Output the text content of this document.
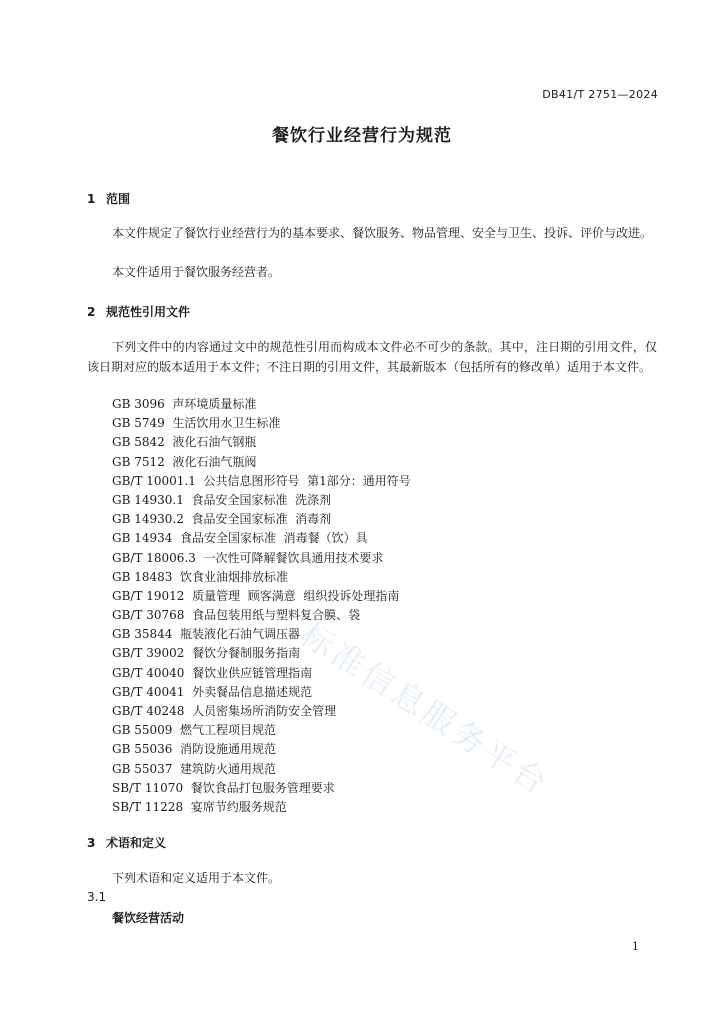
DB41/T 2751—2024
餐饮行业经营行为规范
1 范围
本文件规定了餐饮行业经营行为的基本要求、餐饮服务、物品管理、安全与卫生、投诉、评价与改进。
本文件适用于餐饮服务经营者。
2 规范性引用文件
下列文件中的内容通过文中的规范性引用而构成本文件必不可少的条款。其中，注日期的引用文件，仅该日期对应的版本适用于本文件；不注日期的引用文件，其最新版本（包括所有的修改单）适用于本文件。
GB 3096  声环境质量标准
GB 5749  生活饮用水卫生标准
GB 5842  液化石油气钢瓶
GB 7512  液化石油气瓶阀
GB/T 10001.1  公共信息图形符号  第1部分：通用符号
GB 14930.1  食品安全国家标准  洗涤剂
GB 14930.2  食品安全国家标准  消毒剂
GB 14934  食品安全国家标准  消毒餐（饮）具
GB/T 18006.3  一次性可降解餐饮具通用技术要求
GB 18483  饮食业油烟排放标准
GB/T 19012  质量管理  顾客满意  组织投诉处理指南
GB/T 30768  食品包装用纸与塑料复合膜、袋
GB 35844  瓶装液化石油气调压器
GB/T 39002  餐饮分餐制服务指南
GB/T 40040  餐饮业供应链管理指南
GB/T 40041  外卖餐品信息描述规范
GB/T 40248  人员密集场所消防安全管理
GB 55009  燃气工程项目规范
GB 55036  消防设施通用规范
GB 55037  建筑防火通用规范
SB/T 11070  餐饮食品打包服务管理要求
SB/T 11228  宴席节约服务规范
3 术语和定义
下列术语和定义适用于本文件。
3.1
餐饮经营活动
1
标准信息服务平台
